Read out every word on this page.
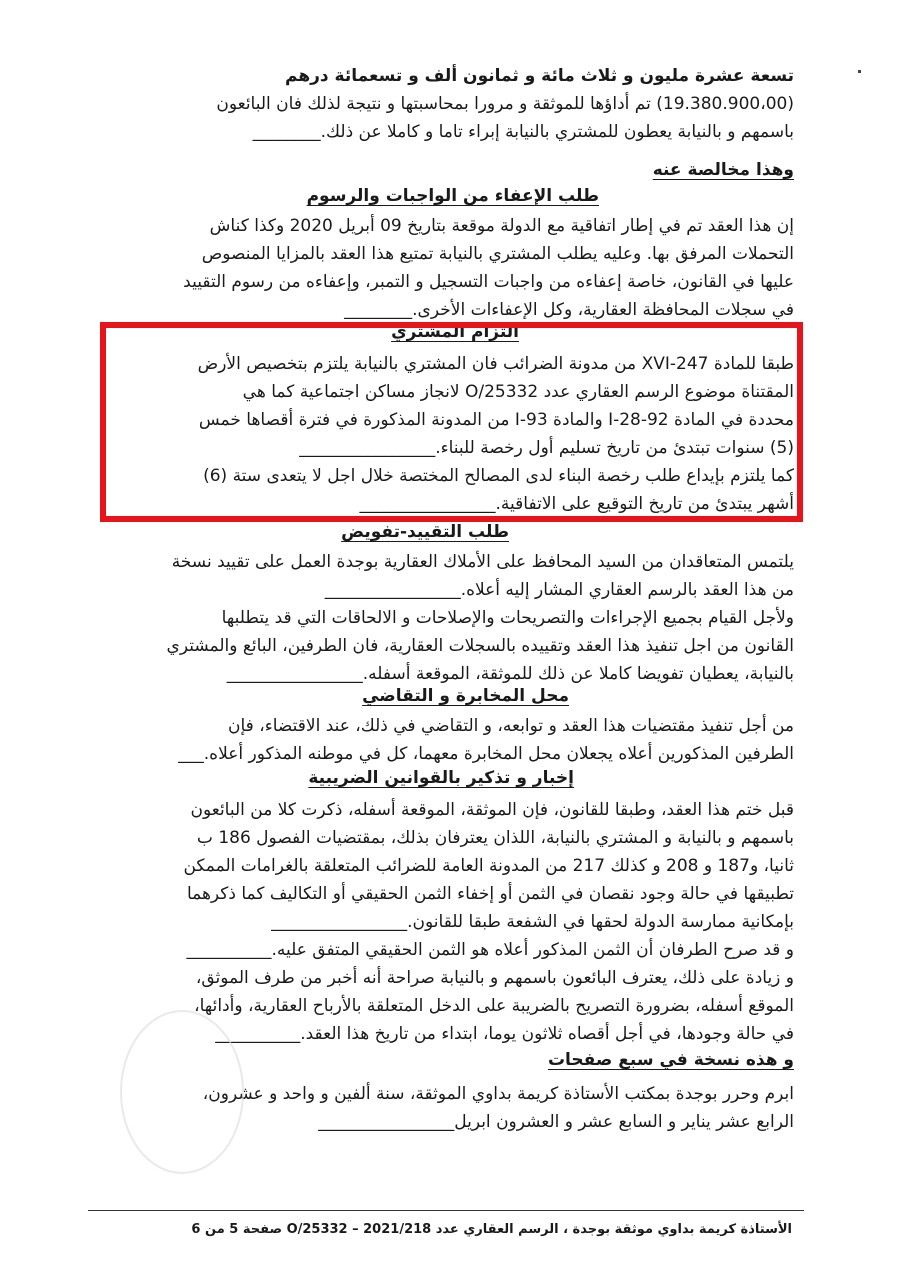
تسعة عشرة مليون و ثلاث مائة و ثمانون ألف و تسعمائة درهم
(19.380.900،00) تم أداؤها للموثقة و مرورا بمحاسبتها و نتيجة لذلك فان البائعون
باسمهم و بالنيابة يعطون للمشتري بالنيابة إبراء تاما و كاملا عن ذلك.________
وهذا مخالصة عنه
طلب الإعفاء من الواجبات والرسوم
إن هذا العقد تم في إطار اتفاقية مع الدولة موقعة بتاريخ 09 أبريل 2020 وكذا كناش
التحملات المرفق بها. وعليه يطلب المشتري بالنيابة تمتيع هذا العقد بالمزايا المنصوص
عليها في القانون، خاصة إعفاءه من واجبات التسجيل و التمبر، وإعفاءه من رسوم التقييد
في سجلات المحافظة العقارية، وكل الإعفاءات الأخرى.________
التزام المشتري
طبقا للمادة XVI-247 من مدونة الضرائب فان المشتري بالنيابة يلتزم بتخصيص الأرض
المقتناة موضوع الرسم العقاري عدد O/25332 لانجاز مساكن اجتماعية كما هي
محددة في المادة 92-I-28 والمادة 93-I من المدونة المذكورة في فترة أقصاها خمس
(5) سنوات تبتدئ من تاريخ تسليم أول رخصة للبناء.________________
كما يلتزم بإيداع طلب رخصة البناء لدى المصالح المختصة خلال اجل لا يتعدى ستة (6)
أشهر يبتدئ من تاريخ التوقيع على الاتفاقية.________________
طلب التقييد-تفويض
يلتمس المتعاقدان من السيد المحافظ على الأملاك العقارية بوجدة العمل على تقييد نسخة
من هذا العقد بالرسم العقاري المشار إليه أعلاه.________________
ولأجل القيام بجميع الإجراءات والتصريحات والإصلاحات و الالحاقات التي قد يتطلبها
القانون من اجل تنفيذ هذا العقد وتقييده بالسجلات العقارية، فان الطرفين، البائع والمشتري
بالنيابة، يعطيان تفويضا كاملا عن ذلك للموثقة، الموقعة أسفله.________________
محل المخابرة و التقاضي
من أجل تنفيذ مقتضيات هذا العقد و توابعه، و التقاضي في ذلك، عند الاقتضاء، فإن
الطرفين المذكورين أعلاه يجعلان محل المخابرة معهما، كل في موطنه المذكور أعلاه.___
إخبار و تذكير بالقوانين الضريبية
قبل ختم هذا العقد، وطبقا للقانون، فإن الموثقة، الموقعة أسفله، ذكرت كلا من البائعون
باسمهم و بالنيابة و المشتري بالنيابة، اللذان يعترفان بذلك، بمقتضيات الفصول 186 ب
ثانيا، و187 و 208 و كذلك 217 من المدونة العامة للضرائب المتعلقة بالغرامات الممكن
تطبيقها في حالة وجود نقصان في الثمن أو إخفاء الثمن الحقيقي أو التكاليف كما ذكرهما
بإمكانية ممارسة الدولة لحقها في الشفعة طبقا للقانون.________________
و قد صرح الطرفان أن الثمن المذكور أعلاه هو الثمن الحقيقي المتفق عليه.__________
و زيادة على ذلك، يعترف البائعون باسمهم و بالنيابة صراحة أنه أخبر من طرف الموثق،
الموقع أسفله، بضرورة التصريح بالضريبة على الدخل المتعلقة بالأرباح العقارية، وأدائها،
في حالة وجودها، في أجل أقصاه ثلاثون يوما، ابتداء من تاريخ هذا العقد.__________
و هذه نسخة في سبع صفحات
ابرم وحرر بوجدة بمكتب الأستاذة كريمة بداوي الموثقة، سنة ألفين و واحد و عشرون،
الرابع عشر يناير و السابع عشر و العشرون ابريل________________
الأستاذة كريمة بداوي موثقة بوجدة ، الرسم العقاري عدد O/25332 – 2021/218 صفحة 5 من 6
